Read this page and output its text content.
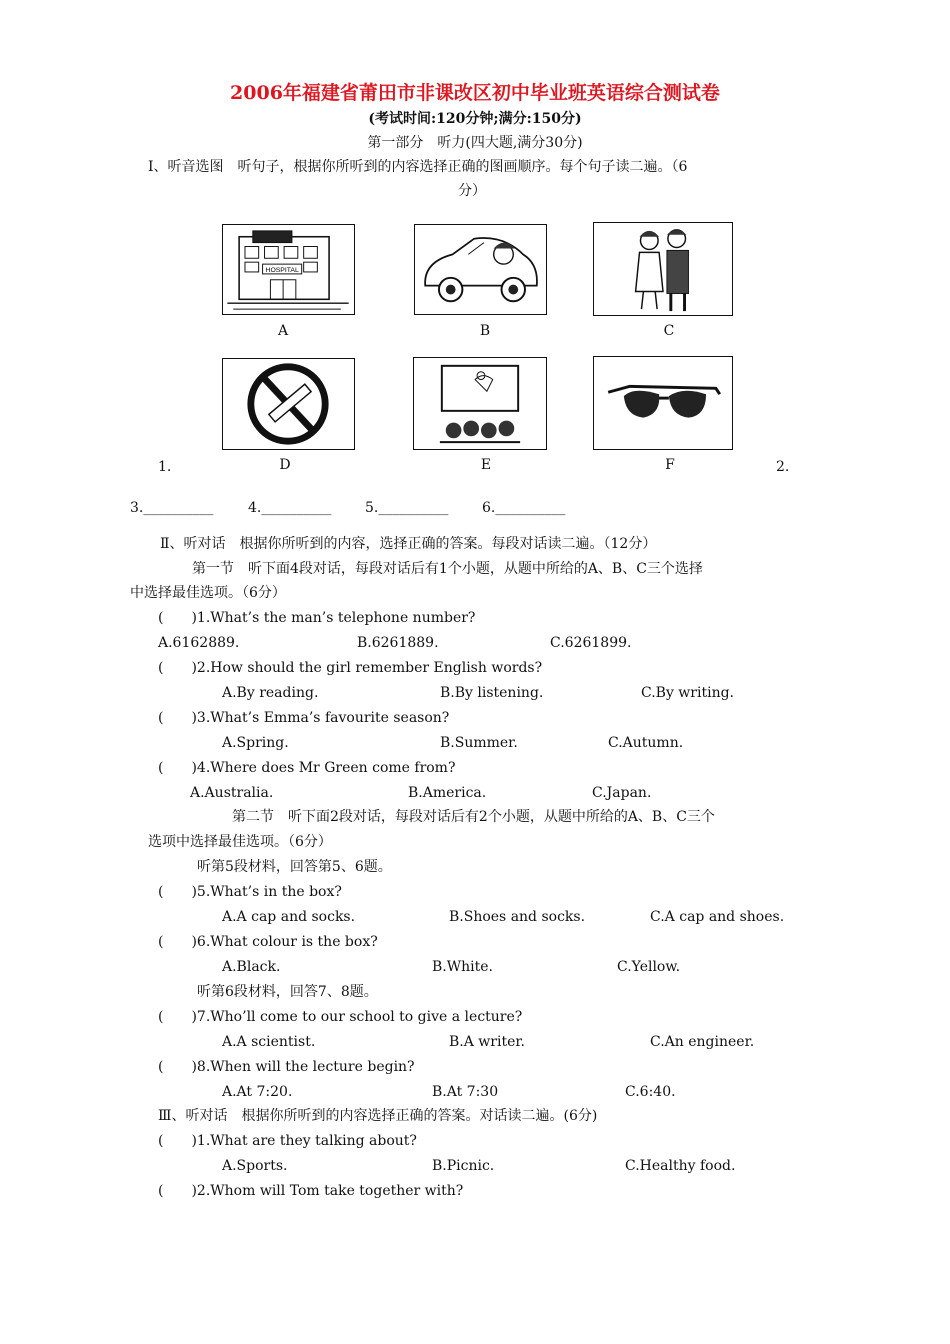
2006年福建省莆田市非课改区初中毕业班英语综合测试卷
(考试时间:120分钟;满分:150分)
第一部分　听力(四大题,满分30分)
Ⅰ、听音选图　听句子，根据你所听到的内容选择正确的图画顺序。每个句子读二遍。（6
分）
HOSPITAL
A	B	C
D	E	F
1.	2.
3.__________ 4.__________ 5.__________ 6.__________
Ⅱ、听对话　根据你所听到的内容，选择正确的答案。每段对话读二遍。（12分）
第一节　听下面4段对话，每段对话后有1个小题，从题中所给的A、B、C三个选择
中选择最佳选项。（6分）
(　　)1.What’s the man’s telephone number?
A.6162889.	B.6261889.	C.6261899.
(　　)2.How should the girl remember English words?
A.By reading.	B.By listening.	C.By writing.
(　　)3.What’s Emma’s favourite season?
A.Spring.	B.Summer.	C.Autumn.
(　　)4.Where does Mr Green come from?
A.Australia.	B.America.	C.Japan.
第二节　听下面2段对话，每段对话后有2个小题，从题中所给的A、B、C三个
选项中选择最佳选项。（6分）
听第5段材料，回答第5、6题。
(　　)5.What’s in the box?
A.A cap and socks.	B.Shoes and socks.	C.A cap and shoes.
(　　)6.What colour is the box?
A.Black.	B.White.	C.Yellow.
听第6段材料，回答7、8题。
(　　)7.Who’ll come to our school to give a lecture?
A.A scientist.	B.A writer.	C.An engineer.
(　　)8.When will the lecture begin?
A.At 7:20.	B.At 7:30	C.6:40.
Ⅲ、听对话　根据你所听到的内容选择正确的答案。对话读二遍。(6分)
(　　)1.What are they talking about?
A.Sports.	B.Picnic.	C.Healthy food.
(　　)2.Whom will Tom take together with?
